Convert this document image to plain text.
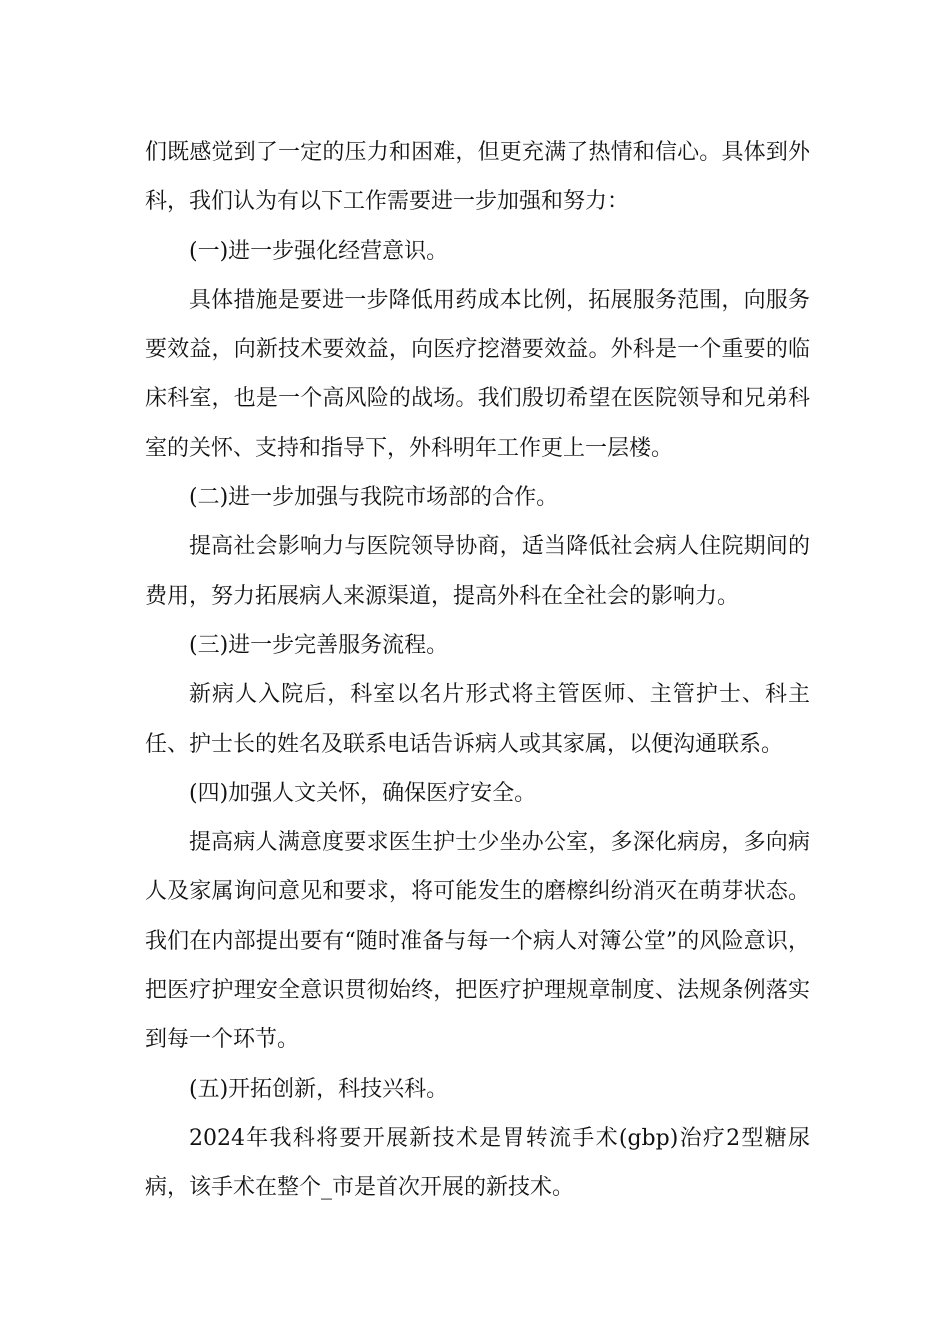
们既感觉到了一定的压力和困难，但更充满了热情和信心。具体到外科，我们认为有以下工作需要进一步加强和努力：

(一)进一步强化经营意识。

具体措施是要进一步降低用药成本比例，拓展服务范围，向服务要效益，向新技术要效益，向医疗挖潜要效益。外科是一个重要的临床科室，也是一个高风险的战场。我们殷切希望在医院领导和兄弟科室的关怀、支持和指导下，外科明年工作更上一层楼。

(二)进一步加强与我院市场部的合作。

提高社会影响力与医院领导协商，适当降低社会病人住院期间的费用，努力拓展病人来源渠道，提高外科在全社会的影响力。

(三)进一步完善服务流程。

新病人入院后，科室以名片形式将主管医师、主管护士、科主任、护士长的姓名及联系电话告诉病人或其家属，以便沟通联系。

(四)加强人文关怀，确保医疗安全。

提高病人满意度要求医生护士少坐办公室，多深化病房，多向病人及家属询问意见和要求，将可能发生的磨檫纠纷消灭在萌芽状态。我们在内部提出要有“随时准备与每一个病人对簿公堂”的风险意识，把医疗护理安全意识贯彻始终，把医疗护理规章制度、法规条例落实到每一个环节。

(五)开拓创新，科技兴科。

2024年我科将要开展新技术是胃转流手术(gbp)治疗2型糖尿病，该手术在整个_市是首次开展的新技术。
